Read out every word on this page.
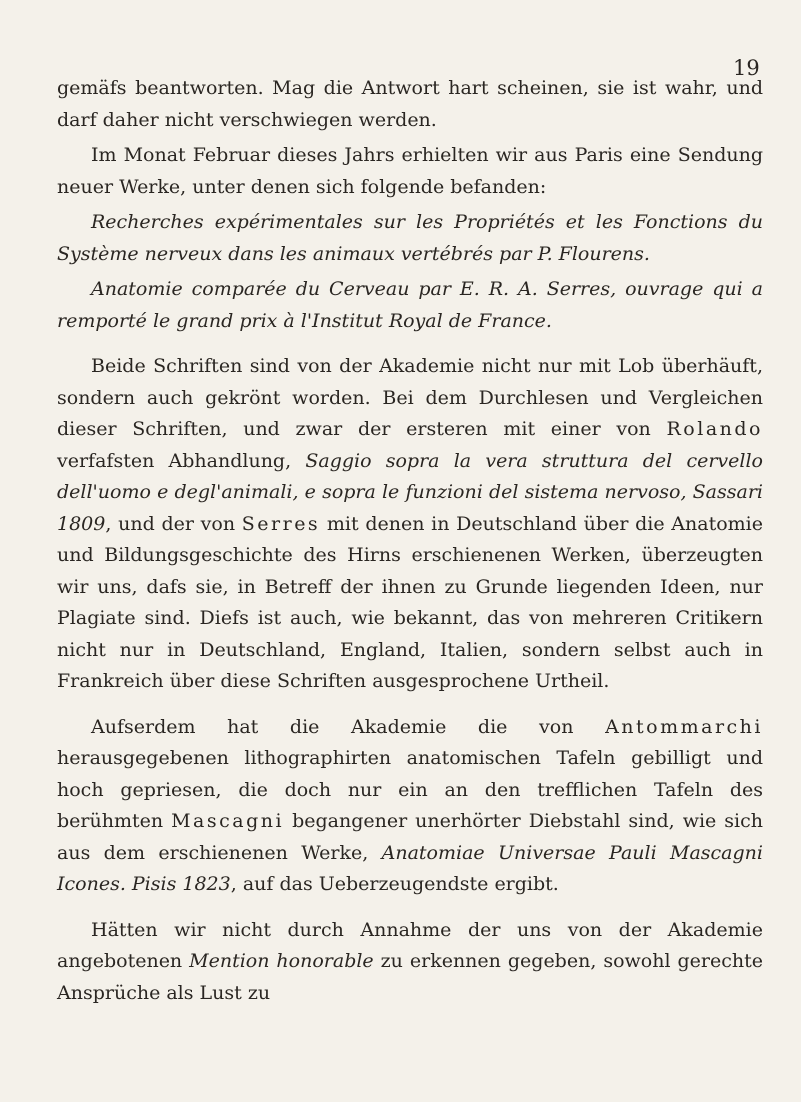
19

gemäfs beantworten. Mag die Antwort hart scheinen, sie ist wahr, und darf daher nicht verschwiegen werden.

Im Monat Februar dieses Jahrs erhielten wir aus Paris eine Sendung neuer Werke, unter denen sich folgende befanden:

Recherches expérimentales sur les Propriétés et les Fonctions du Système nerveux dans les animaux vertébrés par P. Flourens.

Anatomie comparée du Cerveau par E. R. A. Serres, ouvrage qui a remporté le grand prix à l'Institut Royal de France.

Beide Schriften sind von der Akademie nicht nur mit Lob überhäuft, sondern auch gekrönt worden. Bei dem Durchlesen und Vergleichen dieser Schriften, und zwar der ersteren mit einer von Rolando verfafsten Abhandlung, Saggio sopra la vera struttura del cervello dell'uomo e degl'animali, e sopra le funzioni del sistema nervoso, Sassari 1809, und der von Serres mit denen in Deutschland über die Anatomie und Bildungsgeschichte des Hirns erschienenen Werken, überzeugten wir uns, dafs sie, in Betreff der ihnen zu Grunde liegenden Ideen, nur Plagiate sind. Diefs ist auch, wie bekannt, das von mehreren Critikern nicht nur in Deutschland, England, Italien, sondern selbst auch in Frankreich über diese Schriften ausgesprochene Urtheil.

Aufserdem hat die Akademie die von Antommarchi herausgegebenen lithographirten anatomischen Tafeln gebilligt und hoch gepriesen, die doch nur ein an den trefflichen Tafeln des berühmten Mascagni begangener unerhörter Diebstahl sind, wie sich aus dem erschienenen Werke, Anatomiae Universae Pauli Mascagni Icones. Pisis 1823, auf das Ueberzeugendste ergibt.

Hätten wir nicht durch Annahme der uns von der Akademie angebotenen Mention honorable zu erkennen gegeben, sowohl gerechte Ansprüche als Lust zu
